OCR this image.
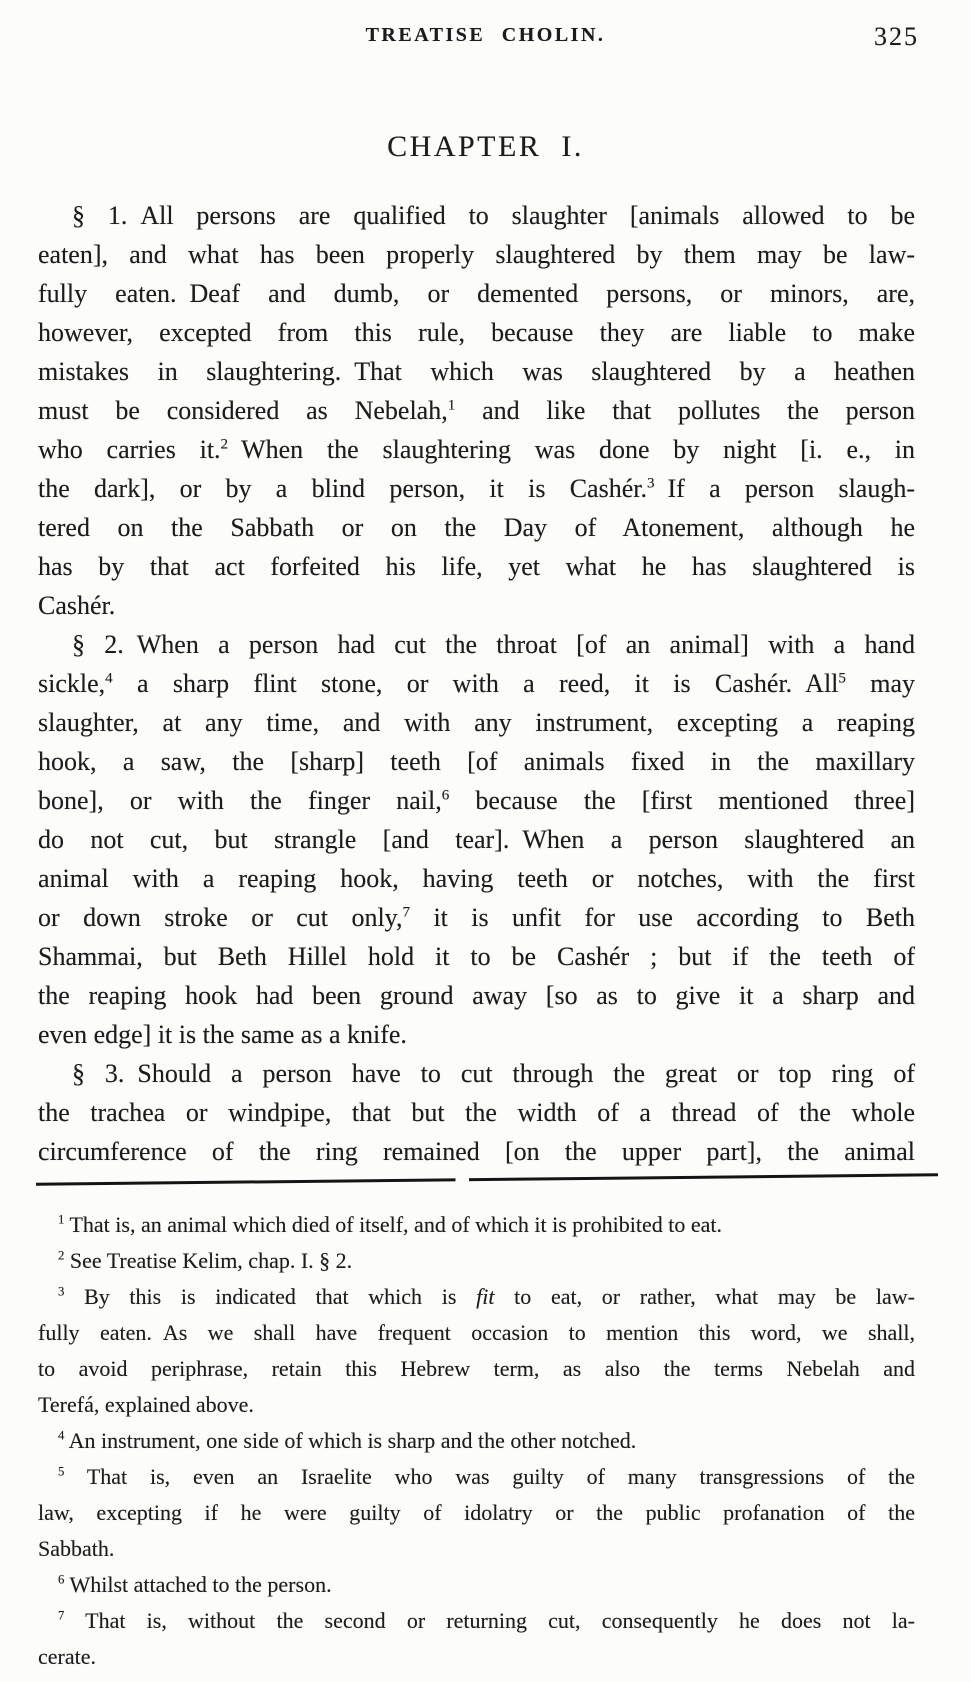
TREATISE CHOLIN.	325
CHAPTER I.
§ 1. All persons are qualified to slaughter [animals allowed to be
eaten], and what has been properly slaughtered by them may be law-
fully eaten. Deaf and dumb, or demented persons, or minors, are,
however, excepted from this rule, because they are liable to make
mistakes in slaughtering. That which was slaughtered by a heathen
must be considered as Nebelah,$^1$ and like that pollutes the person
who carries it.$^2$ When the slaughtering was done by night [i. e., in
the dark], or by a blind person, it is Cashér.$^3$ If a person slaugh-
tered on the Sabbath or on the Day of Atonement, although he
has by that act forfeited his life, yet what he has slaughtered is
Cashér.
§ 2. When a person had cut the throat [of an animal] with a hand
sickle,$^4$ a sharp flint stone, or with a reed, it is Cashér. All$^5$ may
slaughter, at any time, and with any instrument, excepting a reaping
hook, a saw, the [sharp] teeth [of animals fixed in the maxillary
bone], or with the finger nail,$^6$ because the [first mentioned three]
do not cut, but strangle [and tear]. When a person slaughtered an
animal with a reaping hook, having teeth or notches, with the first
or down stroke or cut only,$^7$ it is unfit for use according to Beth
Shammai, but Beth Hillel hold it to be Cashér ; but if the teeth of
the reaping hook had been ground away [so as to give it a sharp and
even edge] it is the same as a knife.
§ 3. Should a person have to cut through the great or top ring of
the trachea or windpipe, that but the width of a thread of the whole
circumference of the ring remained [on the upper part], the animal
$^1$ That is, an animal which died of itself, and of which it is prohibited to eat.
$^2$ See Treatise Kelim, chap. I. § 2.
$^3$ By this is indicated that which is fit to eat, or rather, what may be law-
fully eaten. As we shall have frequent occasion to mention this word, we shall,
to avoid periphrase, retain this Hebrew term, as also the terms Nebelah and
Terefá, explained above.
$^4$ An instrument, one side of which is sharp and the other notched.
$^5$ That is, even an Israelite who was guilty of many transgressions of the
law, excepting if he were guilty of idolatry or the public profanation of the
Sabbath.
$^6$ Whilst attached to the person.
$^7$ That is, without the second or returning cut, consequently he does not la-
cerate.
